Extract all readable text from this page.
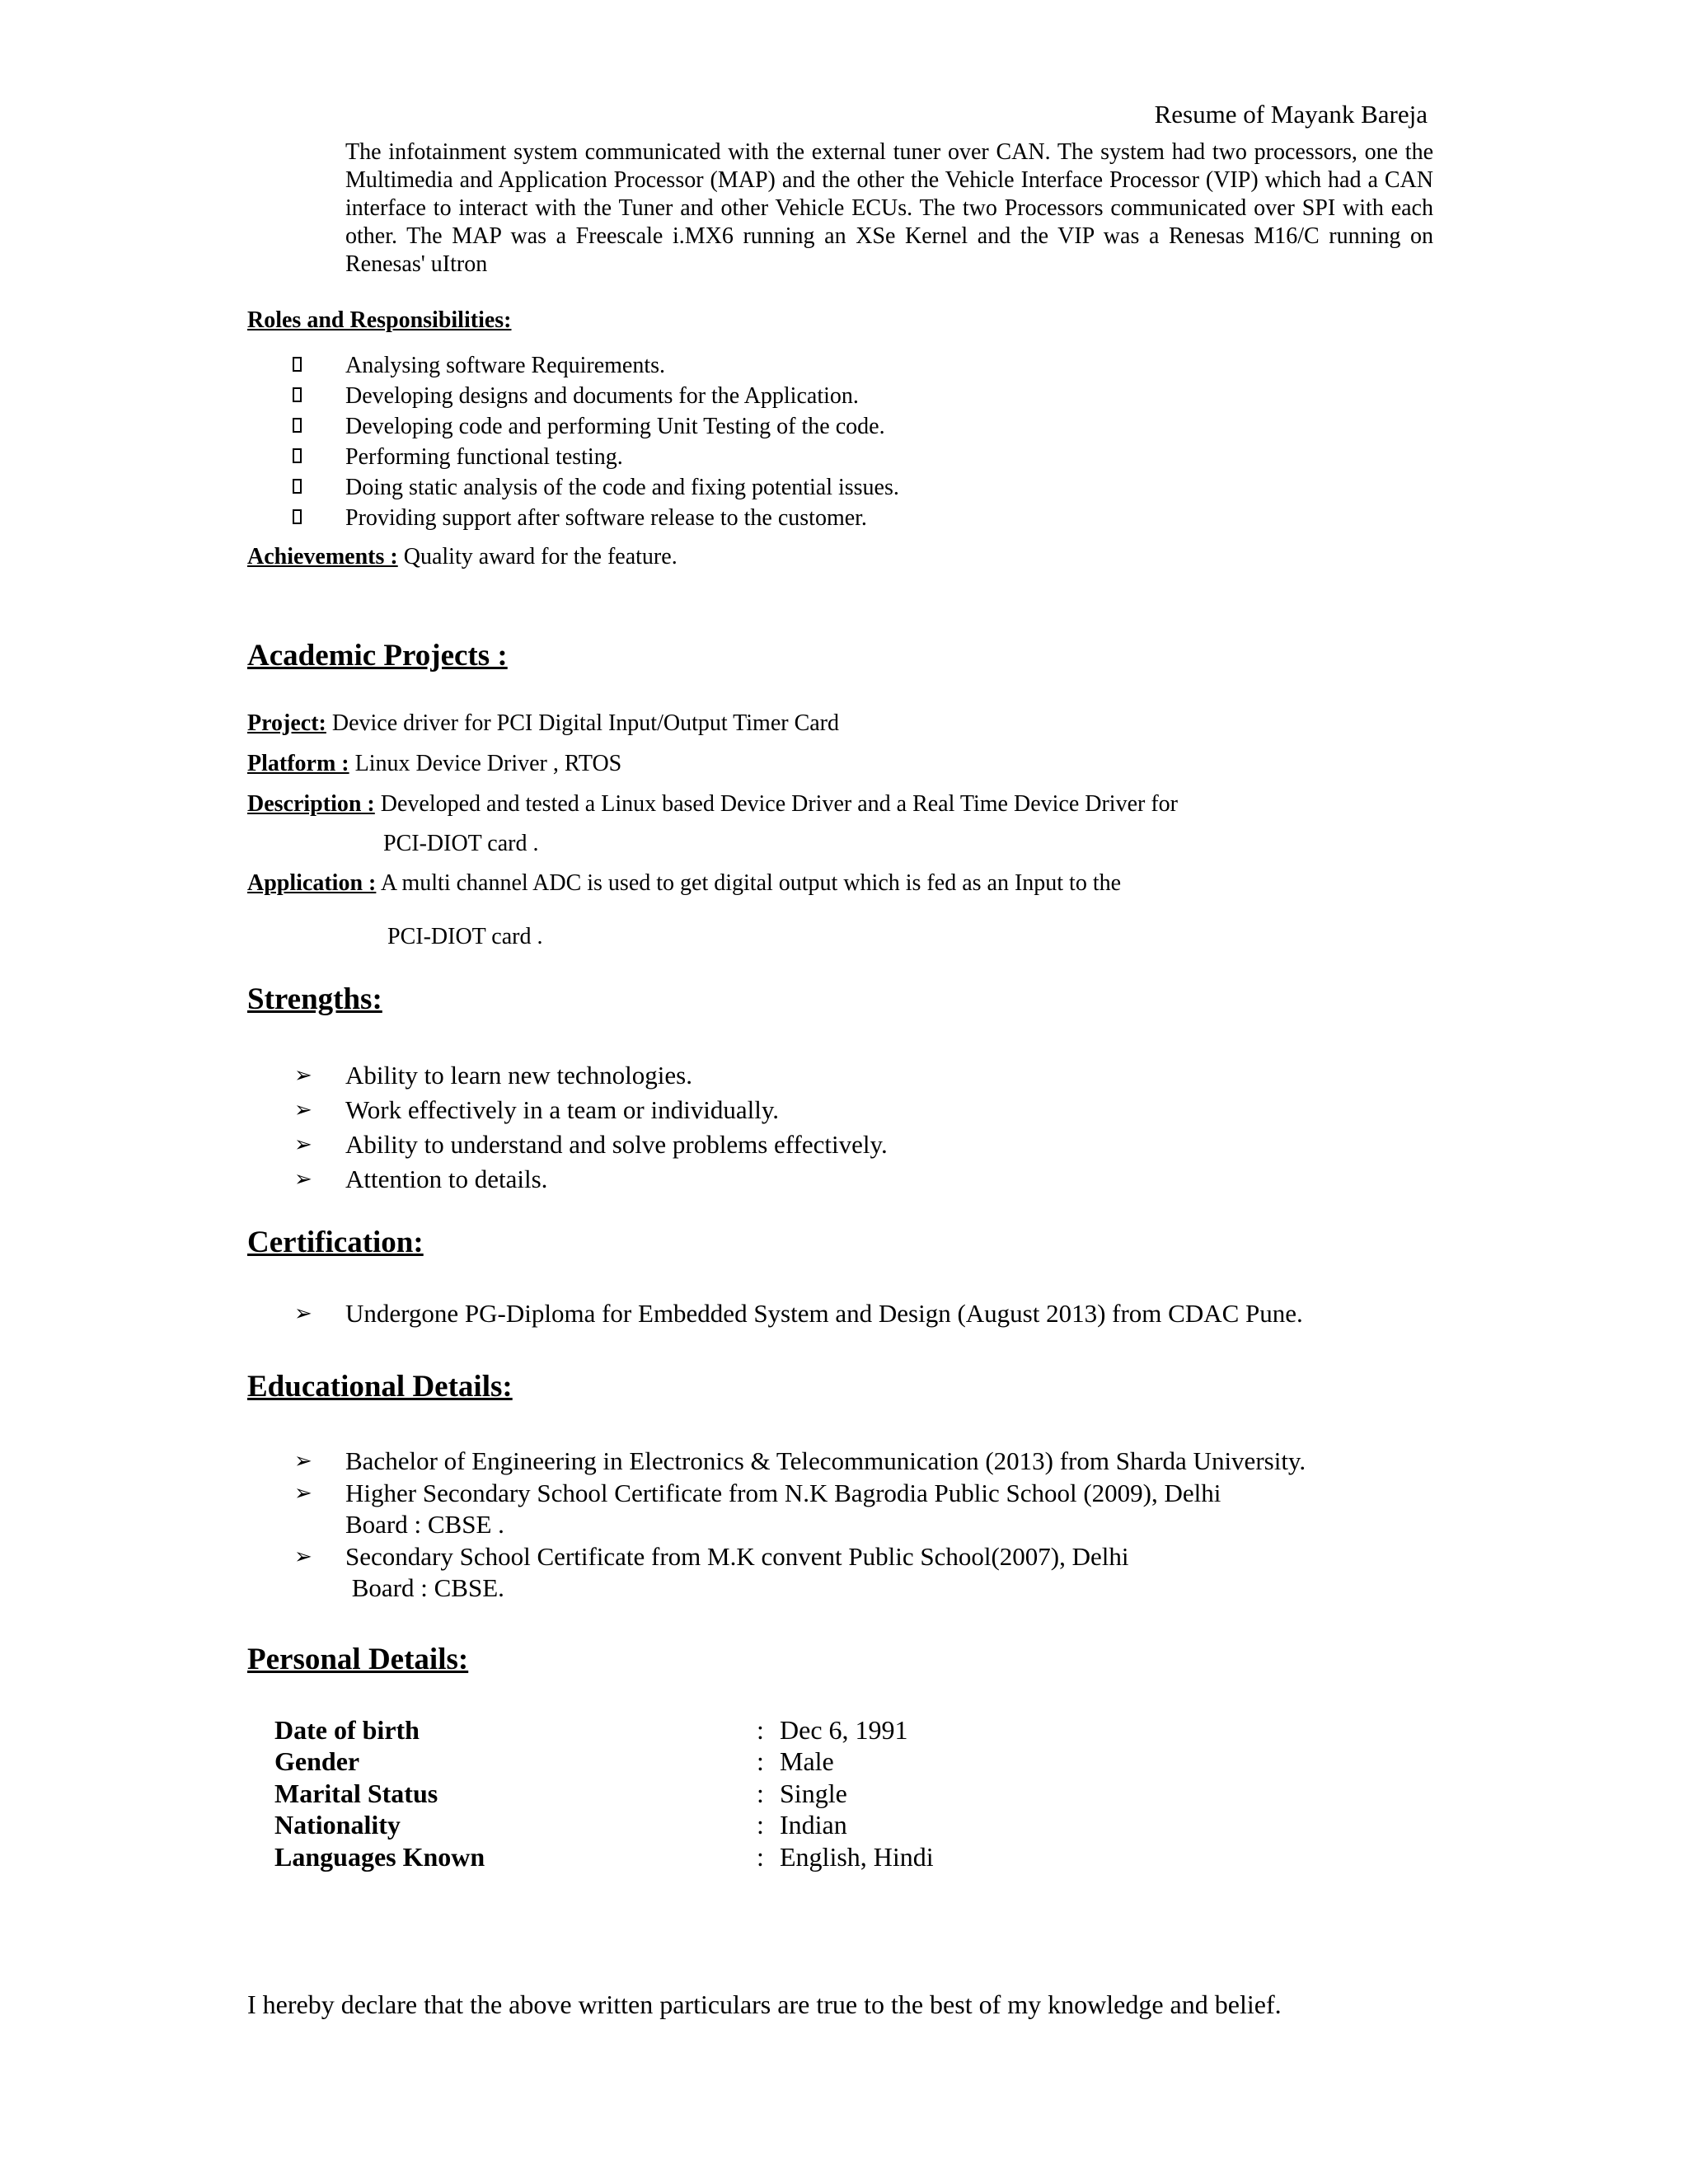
Resume of Mayank Bareja
The infotainment system communicated with the external tuner over CAN. The system had two processors, one the Multimedia and Application Processor (MAP) and the other the Vehicle Interface Processor (VIP) which had a CAN interface to interact with the Tuner and other Vehicle ECUs. The two Processors communicated over SPI with each other. The MAP was a Freescale i.MX6 running an XSe Kernel and the VIP was a Renesas M16/C running on Renesas' uItron
Roles and Responsibilities:
Analysing software Requirements.
Developing designs and documents for the Application.
Developing code and performing Unit Testing of the code.
Performing functional testing.
Doing static analysis of the code and fixing potential issues.
Providing support after software release to the customer.
Achievements : Quality award for the feature.
Academic Projects :
Project: Device driver for PCI Digital Input/Output Timer Card
Platform : Linux Device Driver , RTOS
Description : Developed and tested a Linux based Device Driver and a Real Time Device Driver for
PCI-DIOT card .
Application : A multi channel ADC is used to get digital output which is fed as an Input to the
PCI-DIOT card .
Strengths:
➢ Ability to learn new technologies.
➢ Work effectively in a team or individually.
➢ Ability to understand and solve problems effectively.
➢ Attention to details.
Certification:
➢ Undergone PG-Diploma for Embedded System and Design (August 2013) from CDAC Pune.
Educational Details:
➢ Bachelor of Engineering in Electronics & Telecommunication (2013) from Sharda University.
➢ Higher Secondary School Certificate from N.K Bagrodia Public School (2009), Delhi
Board : CBSE .
➢ Secondary School Certificate from M.K convent Public School(2007), Delhi
Board : CBSE.
Personal Details:
Date of birth	: Dec 6, 1991
Gender	: Male
Marital Status	: Single
Nationality	: Indian
Languages Known	: English, Hindi
I hereby declare that the above written particulars are true to the best of my knowledge and belief.
